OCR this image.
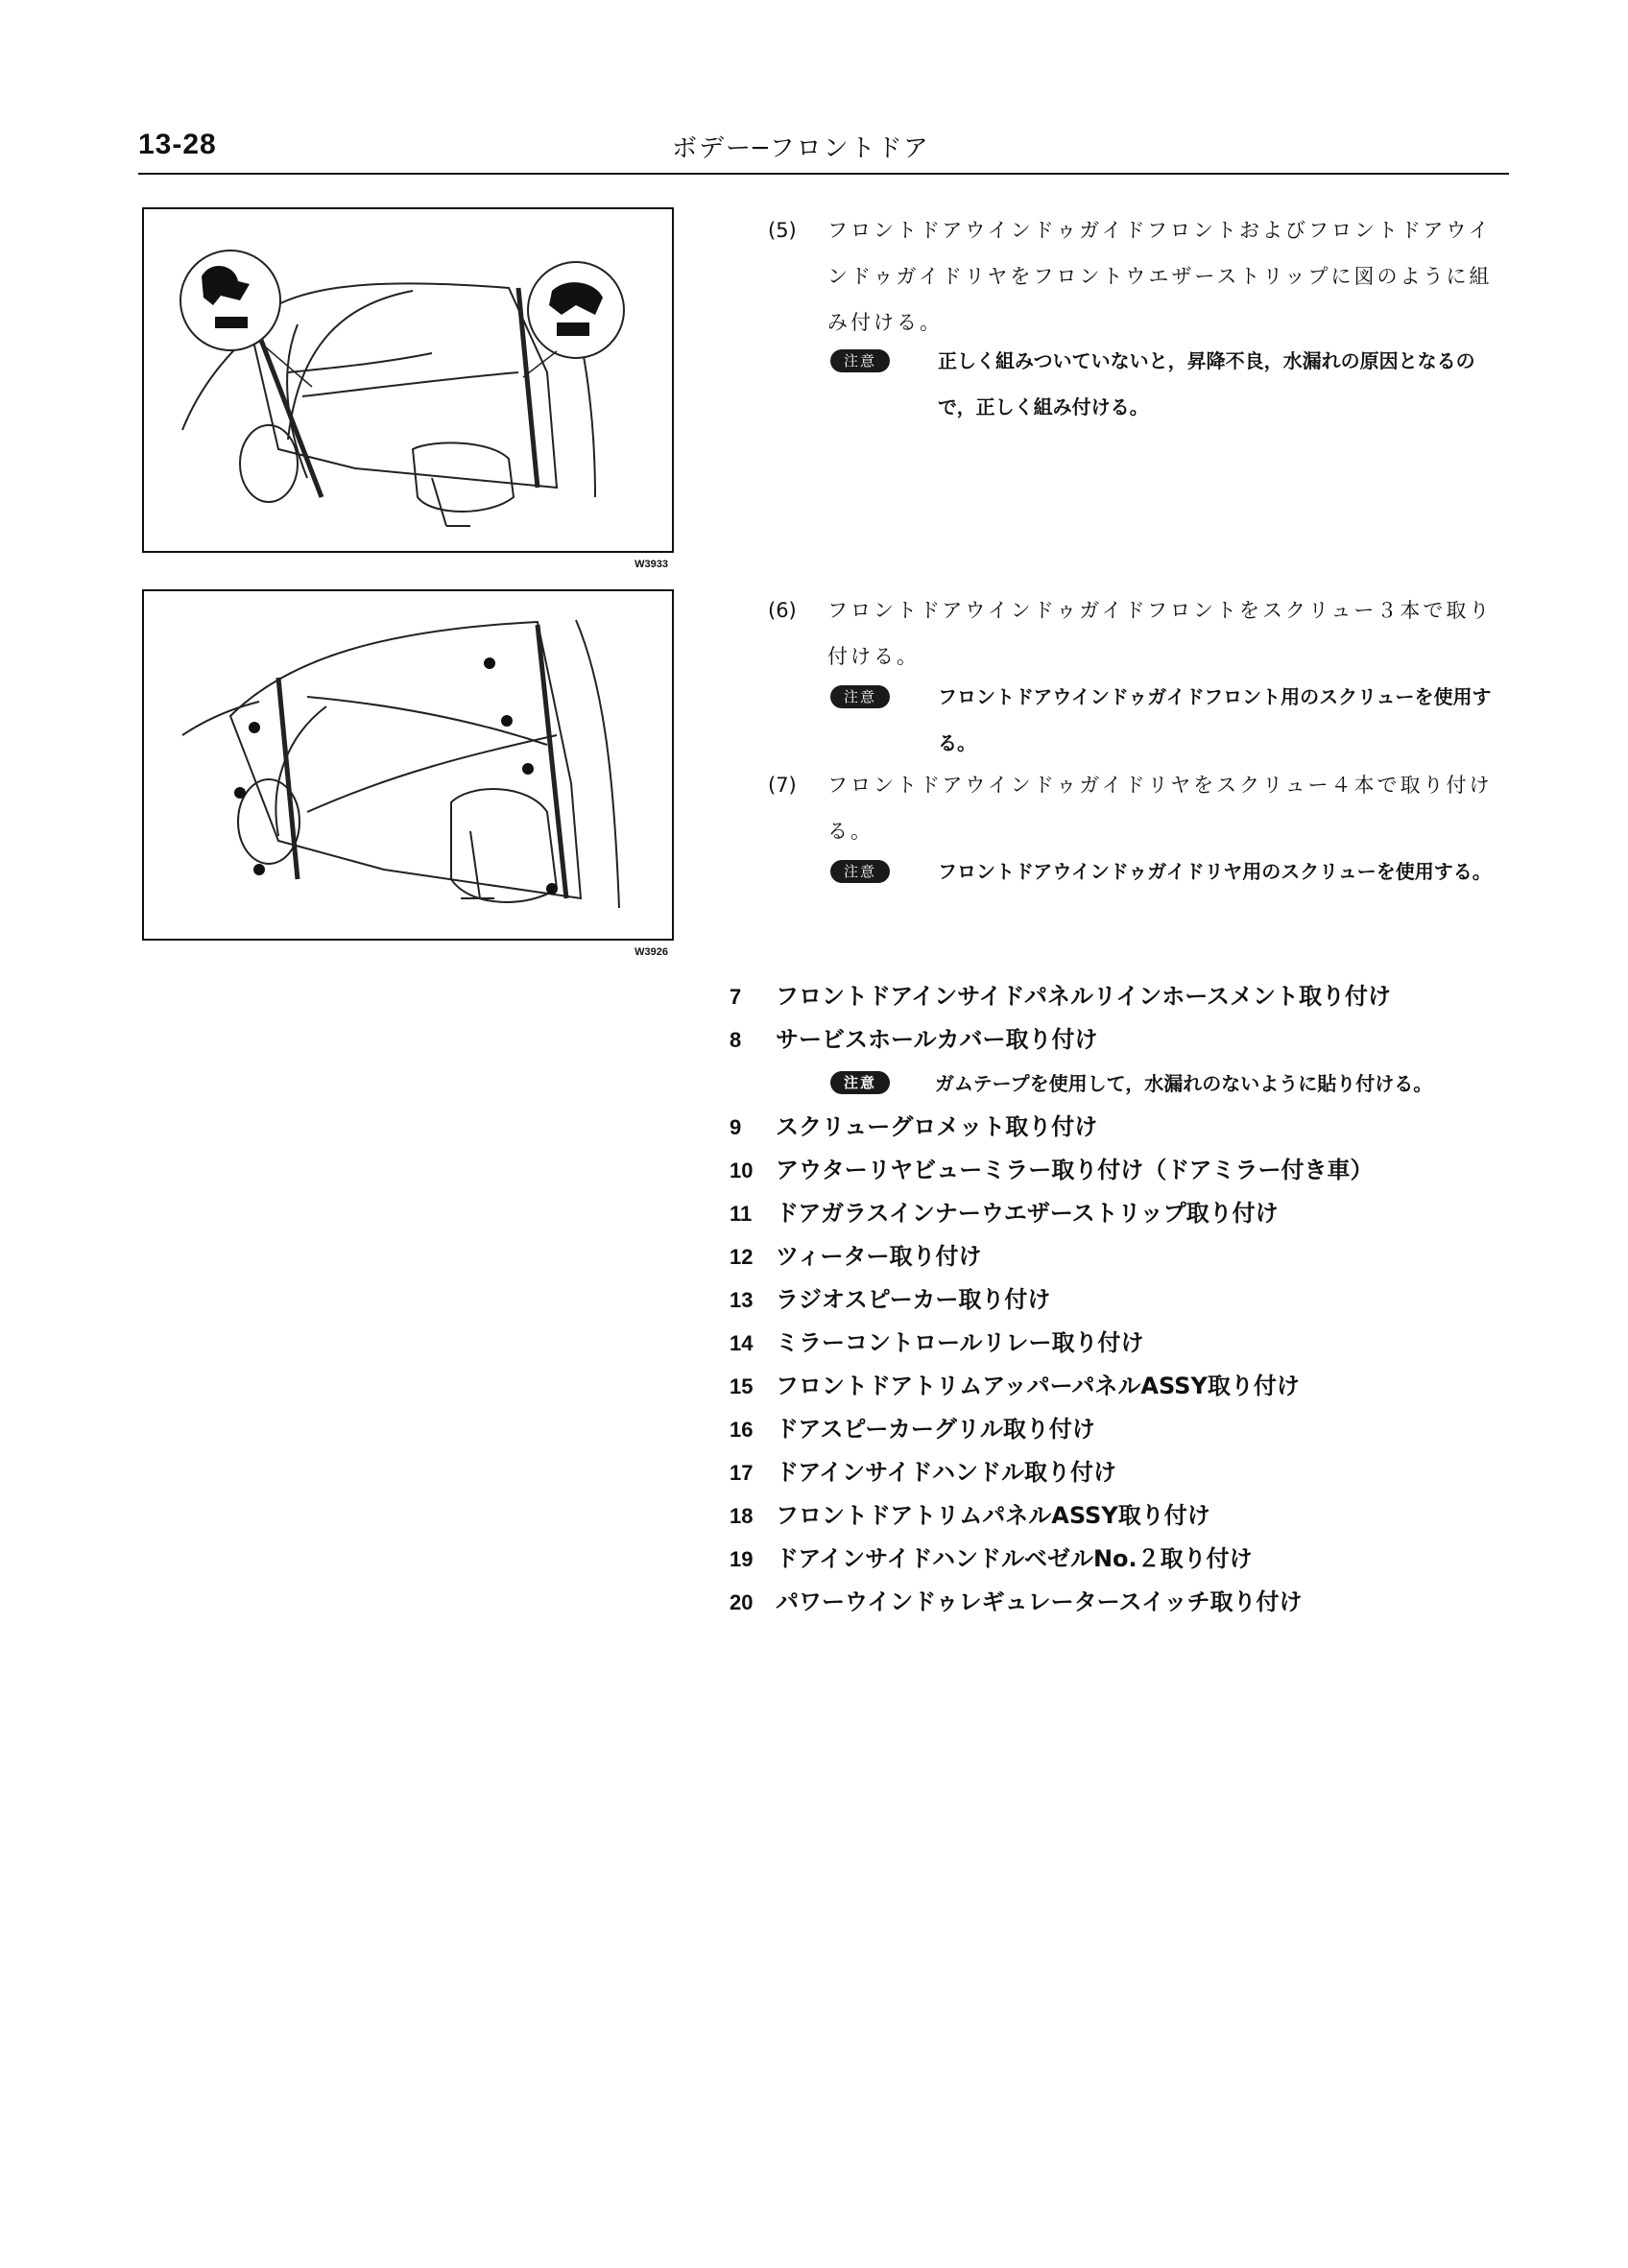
13-28	ボデー─フロントドア
W3933
W3926
(5) フロントドアウインドゥガイドフロントおよびフロントドアウインドゥガイドリヤをフロントウエザーストリップに図のように組み付ける。
注意	正しく組みついていないと，昇降不良，水漏れの原因となるので，正しく組み付ける。
(6) フロントドアウインドゥガイドフロントをスクリュー３本で取り付ける。
注意	フロントドアウインドゥガイドフロント用のスクリューを使用する。
(7) フロントドアウインドゥガイドリヤをスクリュー４本で取り付ける。
注意	フロントドアウインドゥガイドリヤ用のスクリューを使用する。
7 フロントドアインサイドパネルリインホースメント取り付け
8 サービスホールカバー取り付け
注意	ガムテープを使用して，水漏れのないように貼り付ける。
9 スクリューグロメット取り付け
10 アウターリヤビューミラー取り付け（ドアミラー付き車）
11 ドアガラスインナーウエザーストリップ取り付け
12 ツィーター取り付け
13 ラジオスピーカー取り付け
14 ミラーコントロールリレー取り付け
15 フロントドアトリムアッパーパネルASSY取り付け
16 ドアスピーカーグリル取り付け
17 ドアインサイドハンドル取り付け
18 フロントドアトリムパネルASSY取り付け
19 ドアインサイドハンドルベゼルNo.２取り付け
20 パワーウインドゥレギュレータースイッチ取り付け
